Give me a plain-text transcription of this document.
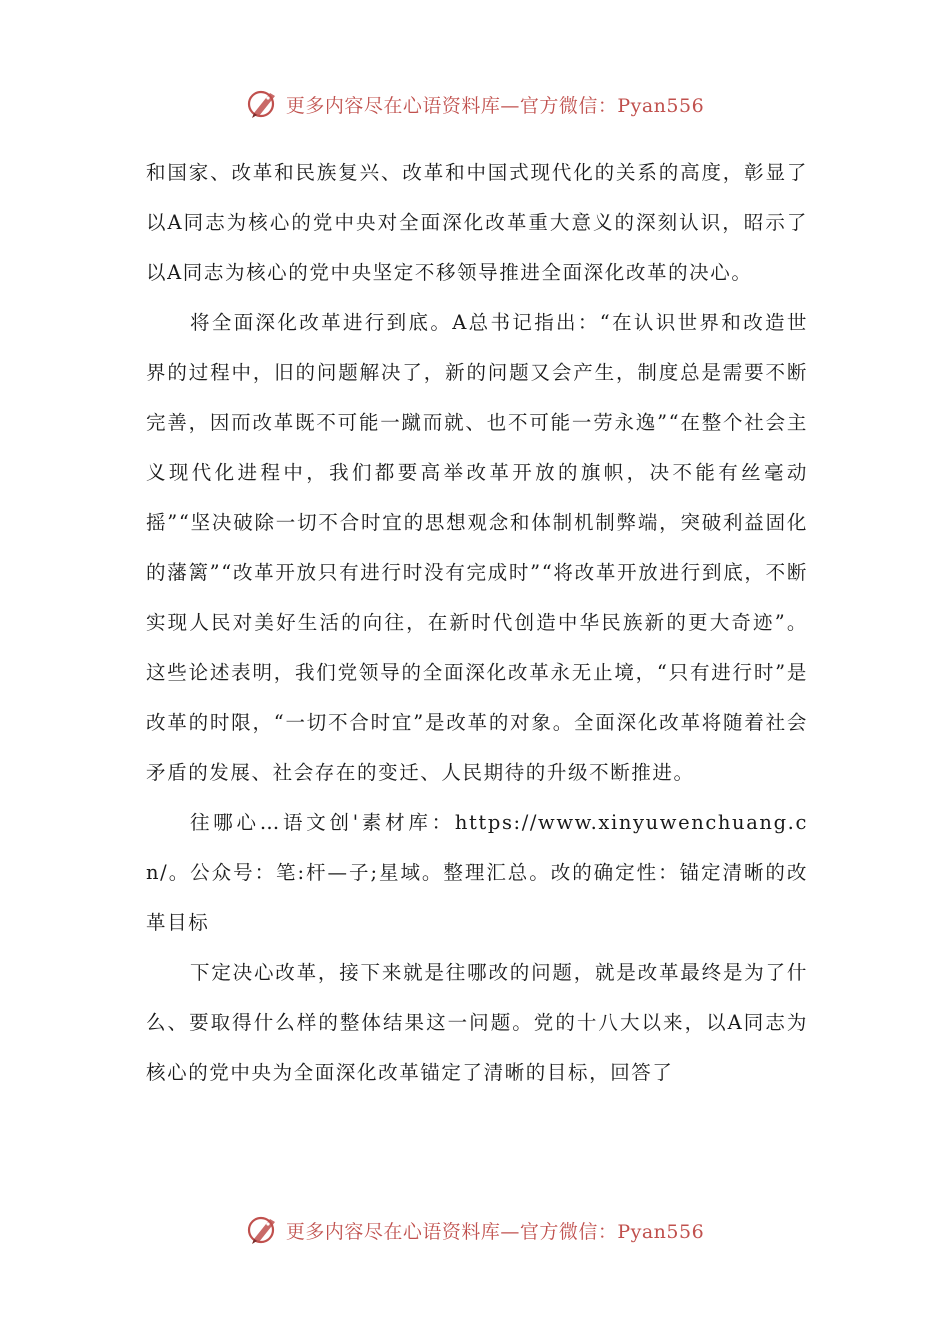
更多内容尽在心语资料库—官方微信：Pyan556

和国家、改革和民族复兴、改革和中国式现代化的关系的高度，彰显了以A同志为核心的党中央对全面深化改革重大意义的深刻认识，昭示了以A同志为核心的党中央坚定不移领导推进全面深化改革的决心。

将全面深化改革进行到底。A总书记指出：“在认识世界和改造世界的过程中，旧的问题解决了，新的问题又会产生，制度总是需要不断完善，因而改革既不可能一蹴而就、也不可能一劳永逸”“在整个社会主义现代化进程中，我们都要高举改革开放的旗帜，决不能有丝毫动摇”“坚决破除一切不合时宜的思想观念和体制机制弊端，突破利益固化的藩篱”“改革开放只有进行时没有完成时”“将改革开放进行到底，不断实现人民对美好生活的向往，在新时代创造中华民族新的更大奇迹”。这些论述表明，我们党领导的全面深化改革永无止境，“只有进行时”是改革的时限，“一切不合时宜”是改革的对象。全面深化改革将随着社会矛盾的发展、社会存在的变迁、人民期待的升级不断推进。

往哪心…语文创'素材库：https://www.xinyuwenchuang.cn/。公众号：笔:杆—子;星域。整理汇总。改的确定性：锚定清晰的改革目标

下定决心改革，接下来就是往哪改的问题，就是改革最终是为了什么、要取得什么样的整体结果这一问题。党的十八大以来，以A同志为核心的党中央为全面深化改革锚定了清晰的目标，回答了

更多内容尽在心语资料库—官方微信：Pyan556
